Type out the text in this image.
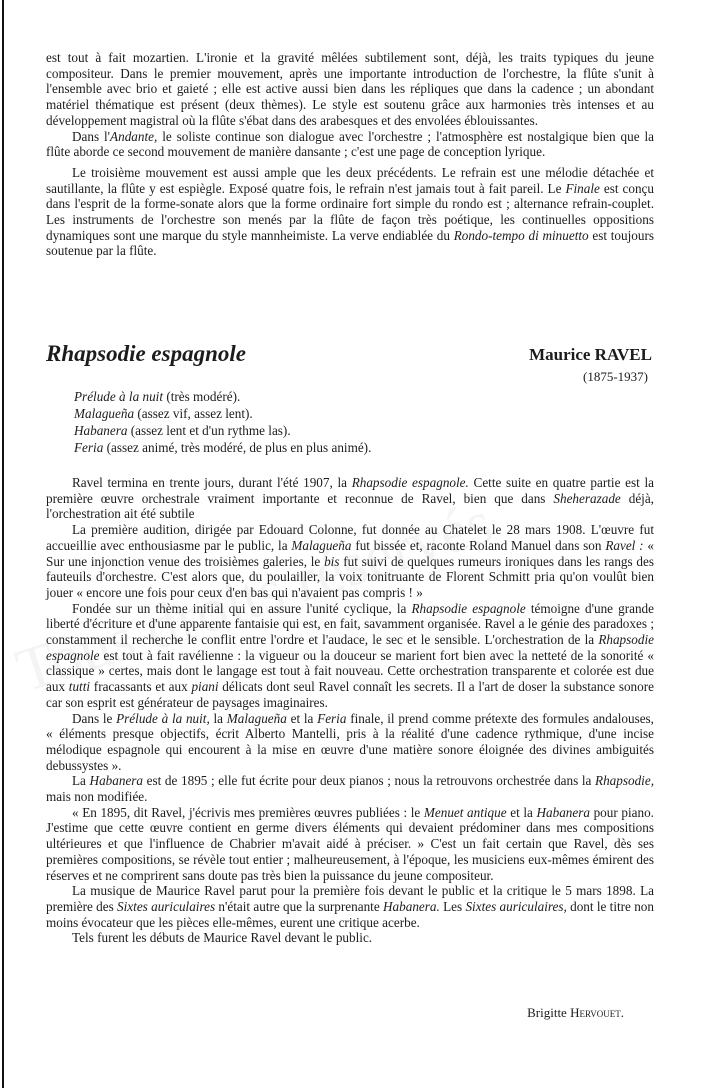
est tout à fait mozartien. L'ironie et la gravité mêlées subtilement sont, déjà, les traits typiques du jeune compositeur. Dans le premier mouvement, après une importante introduction de l'orchestre, la flûte s'unit à l'ensemble avec brio et gaieté ; elle est active aussi bien dans les répliques que dans la cadence ; un abondant matériel thématique est présent (deux thèmes). Le style est soutenu grâce aux harmonies très intenses et au développement magistral où la flûte s'ébat dans des arabesques et des envolées éblouissantes.

Dans l'Andante, le soliste continue son dialogue avec l'orchestre ; l'atmosphère est nostalgique bien que la flûte aborde ce second mouvement de manière dansante ; c'est une page de conception lyrique.

Le troisième mouvement est aussi ample que les deux précédents. Le refrain est une mélodie détachée et sautillante, la flûte y est espiègle. Exposé quatre fois, le refrain n'est jamais tout à fait pareil. Le Finale est conçu dans l'esprit de la forme-sonate alors que la forme ordinaire fort simple du rondo est ; alternance refrain-couplet. Les instruments de l'orchestre son menés par la flûte de façon très poétique, les continuelles oppositions dynamiques sont une marque du style mannheimiste. La verve endiablée du Rondo-tempo di minuetto est toujours soutenue par la flûte.

Rhapsodie espagnole	Maurice RAVEL
(1875-1937)
Prélude à la nuit (très modéré).
Malagueña (assez vif, assez lent).
Habanera (assez lent et d'un rythme las).
Feria (assez animé, très modéré, de plus en plus animé).

Ravel termina en trente jours, durant l'été 1907, la Rhapsodie espagnole. Cette suite en quatre partie est la première œuvre orchestrale vraiment importante et reconnue de Ravel, bien que dans Sheherazade déjà, l'orchestration ait été subtile

La première audition, dirigée par Edouard Colonne, fut donnée au Chatelet le 28 mars 1908. L'œuvre fut accueillie avec enthousiasme par le public, la Malagueña fut bissée et, raconte Roland Manuel dans son Ravel : « Sur une injonction venue des troisièmes galeries, le bis fut suivi de quelques rumeurs ironiques dans les rangs des fauteuils d'orchestre. C'est alors que, du poulailler, la voix tonitruante de Florent Schmitt pria qu'on voulût bien jouer « encore une fois pour ceux d'en bas qui n'avaient pas compris ! »

Fondée sur un thème initial qui en assure l'unité cyclique, la Rhapsodie espagnole témoigne d'une grande liberté d'écriture et d'une apparente fantaisie qui est, en fait, savamment organisée. Ravel a le génie des paradoxes ; constamment il recherche le conflit entre l'ordre et l'audace, le sec et le sensible. L'orchestration de la Rhapsodie espagnole est tout à fait ravélienne : la vigueur ou la douceur se marient fort bien avec la netteté de la sonorité « classique » certes, mais dont le langage est tout à fait nouveau. Cette orchestration transparente et colorée est due aux tutti fracassants et aux piani délicats dont seul Ravel connaît les secrets. Il a l'art de doser la substance sonore car son esprit est générateur de paysages imaginaires.

Dans le Prélude à la nuit, la Malagueña et la Feria finale, il prend comme prétexte des formules andalouses, « éléments presque objectifs, écrit Alberto Mantelli, pris à la réalité d'une cadence rythmique, d'une incise mélodique espagnole qui encourent à la mise en œuvre d'une matière sonore éloignée des divines ambiguités debussystes ».

La Habanera est de 1895 ; elle fut écrite pour deux pianos ; nous la retrouvons orchestrée dans la Rhapsodie, mais non modifiée.

« En 1895, dit Ravel, j'écrivis mes premières œuvres publiées : le Menuet antique et la Habanera pour piano. J'estime que cette œuvre contient en germe divers éléments qui devaient prédominer dans mes compositions ultérieures et que l'influence de Chabrier m'avait aidé à préciser. » C'est un fait certain que Ravel, dès ses premières compositions, se révèle tout entier ; malheureusement, à l'époque, les musiciens eux-mêmes émirent des réserves et ne comprirent sans doute pas très bien la puissance du jeune compositeur.

La musique de Maurice Ravel parut pour la première fois devant le public et la critique le 5 mars 1898. La première des Sixtes auriculaires n'était autre que la surprenante Habanera. Les Sixtes auriculaires, dont le titre non moins évocateur que les pièces elle-mêmes, eurent une critique acerbe.

Tels furent les débuts de Maurice Ravel devant le public.

Brigitte Hervouet.
